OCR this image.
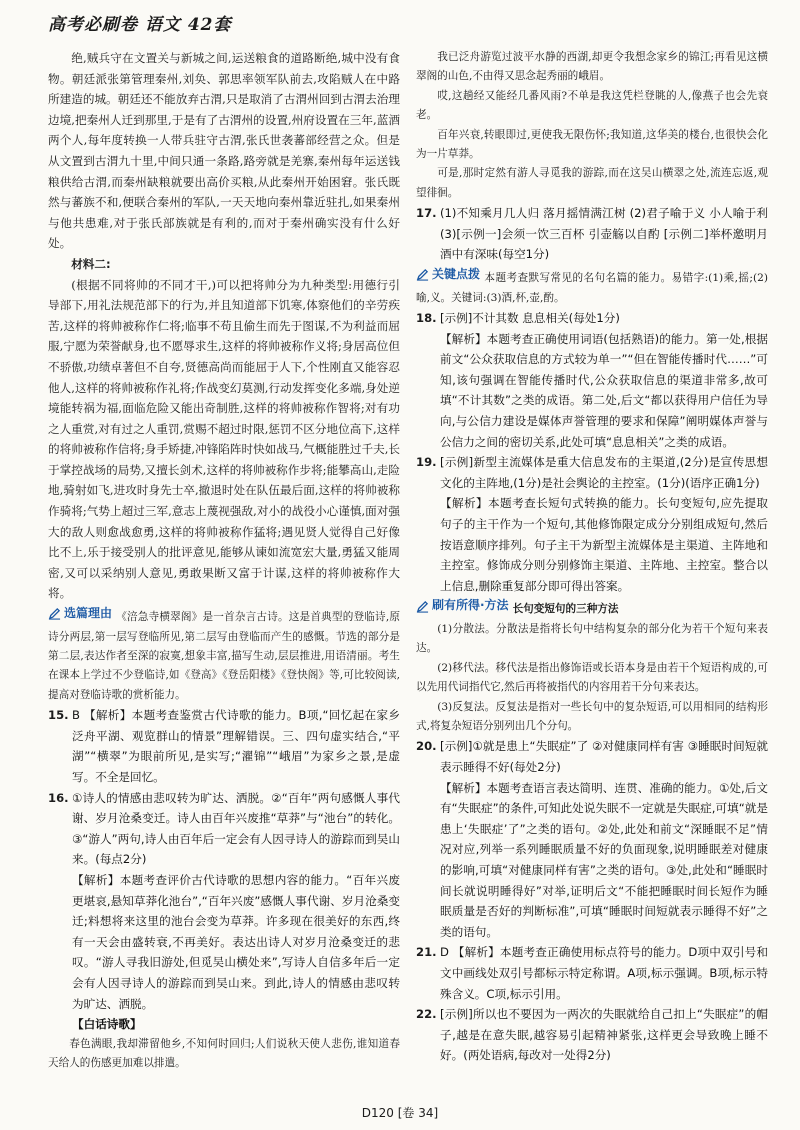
高考必刷卷 语文 42套

绝,贼兵守在文置关与新城之间,运送粮食的道路断绝,城中没有食物。朝廷派张第管理秦州,刘奂、郭思率领军队前去,攻陷贼人在中路所建造的城。朝廷还不能放弃古渭,只是取消了古渭州回到古渭去治理边境,把秦州人迁到那里,于是有了古渭州的设置,州府设置在三年,蓝酒两个人,每年度转换一人带兵驻守古渭,张氏世袭蕃部经营之众。但是从文置到古渭九十里,中间只通一条路,路旁就是羌寨,秦州每年运送钱粮供给古渭,而秦州缺粮就要出高价买粮,从此秦州开始困窘。张氏既然与蕃族不和,便联合秦州的军队,一天天地向秦州靠近驻扎,如果秦州与他共患难,对于张氏部族就是有利的,而对于秦州确实没有什么好处。

材料二:

(根据不同将帅的不同才干,)可以把将帅分为九种类型:用德行引导部下,用礼法规范部下的行为,并且知道部下饥寒,体察他们的辛劳疾苦,这样的将帅被称作仁将;临事不苟且偷生而先于图谋,不为利益而屈服,宁愿为荣誉献身,也不愿辱求生,这样的将帅被称作义将;身居高位但不骄傲,功绩卓著但不自夸,贤德高尚而能屈于人下,个性刚直又能容忍他人,这样的将帅被称作礼将;作战变幻莫测,行动发挥变化多端,身处逆境能转祸为福,面临危险又能出奇制胜,这样的将帅被称作智将;对有功之人重赏,对有过之人重罚,赏赐不超过时限,惩罚不区分地位高下,这样的将帅被称作信将;身手矫捷,冲锋陷阵时快如战马,气概能胜过千夫,长于掌控战场的局势,又擅长剑术,这样的将帅被称作步将;能攀高山,走险地,骑射如飞,进攻时身先士卒,撤退时处在队伍最后面,这样的将帅被称作骑将;气势上超过三军,意志上蔑视强敌,对小的战役小心谨慎,面对强大的敌人则愈战愈勇,这样的将帅被称作猛将;遇见贤人觉得自己好像比不上,乐于接受别人的批评意见,能够从谏如流宽宏大量,勇猛又能周密,又可以采纳别人意见,勇敢果断又富于计谋,这样的将帅被称作大将。

选篇理由 《涪急寺横翠阁》是一首杂言古诗。这是首典型的登临诗,原诗分两层,第一层写登临所见,第二层写由登临而产生的感慨。节选的部分是第二层,表达作者至深的寂寞,想象丰富,描写生动,层层推进,用语清丽。考生在课本上学过不少登临诗,如《登高》《登岳阳楼》《登快阁》等,可比较阅读,提高对登临诗歌的赏析能力。

15. B 【解析】本题考查鉴赏古代诗歌的能力。B项,“回忆起在家乡泛舟平湖、观览群山的情景”理解错误。三、四句虚实结合,“平湖”“横翠”为眼前所见,是实写;“濯锦”“峨眉”为家乡之景,是虚写。不全是回忆。
16. ①诗人的情感由悲叹转为旷达、洒脱。②“百年”两句感慨人事代谢、岁月沧桑变迁。诗人由百年兴废推“草莽”与“池台”的转化。③“游人”两句,诗人由百年后一定会有人因寻诗人的游踪而到吴山来。(每点2分)

【解析】本题考查评价古代诗歌的思想内容的能力。“百年兴废更堪哀,悬知草莽化池台”,“百年兴废”感慨人事代谢、岁月沧桑变迁;料想将来这里的池台会变为草莽。许多现在很美好的东西,终有一天会由盛转衰,不再美好。表达出诗人对岁月沧桑变迁的悲叹。“游人寻我旧游处,但觅吴山横处来”,写诗人自信多年后一定会有人因寻诗人的游踪而到吴山来。到此,诗人的情感由悲叹转为旷达、洒脱。

【白话诗歌】

春色满眼,我却滞留他乡,不知何时回归;人们说秋天使人悲伤,谁知道春天给人的伤感更加难以排遣。

我已泛舟游览过波平水静的西湖,却更令我想念家乡的锦江;再看见这横翠阁的山色,不由得又思念起秀丽的峨眉。

哎,这趟经又能经几番风雨?不单是我这凭栏登眺的人,像燕子也会先衰老。

百年兴衰,转眼即过,更使我无限伤怀;我知道,这华美的楼台,也很快会化为一片草莽。

可是,那时定然有游人寻觅我的游踪,而在这吴山横翠之处,流连忘返,观望徘徊。

17. (1)不知乘月几人归 落月摇情满江树 (2)君子喻于义 小人喻于利 (3)[示例一]会须一饮三百杯 引壶觞以自酌 [示例二]举杯邀明月 酒中有深味(每空1分)

关键点拨 本题考查默写常见的名句名篇的能力。易错字:(1)乘,摇;(2)喻,义。关键词:(3)酒,杯,壶,酌。

18. [示例]不计其数 息息相关(每处1分)

【解析】本题考查正确使用词语(包括熟语)的能力。第一处,根据前文“公众获取信息的方式较为单一”“但在智能传播时代……”可知,该句强调在智能传播时代,公众获取信息的渠道非常多,故可填“不计其数”之类的成语。第二处,后文“都以获得用户信任为导向,与公信力建设是媒体声誉管理的要求和保障”阐明媒体声誉与公信力之间的密切关系,此处可填“息息相关”之类的成语。

19. [示例]新型主流媒体是重大信息发布的主渠道,(2分)是宣传思想文化的主阵地,(1分)是社会舆论的主控室。(1分)(语序正确1分)

【解析】本题考查长短句式转换的能力。长句变短句,应先提取句子的主干作为一个短句,其他修饰限定成分分别组成短句,然后按语意顺序排列。句子主干为新型主流媒体是主渠道、主阵地和主控室。修饰成分则分别修饰主渠道、主阵地、主控室。整合以上信息,删除重复部分即可得出答案。

刷有所得·方法 长句变短句的三种方法

(1)分散法。分散法是指将长句中结构复杂的部分化为若干个短句来表达。

(2)移代法。移代法是指出修饰语或长语本身是由若干个短语构成的,可以先用代词指代它,然后再将被指代的内容用若干分句来表达。

(3)反复法。反复法是指对一些长句中的复杂短语,可以用相同的结构形式,将复杂短语分别列出几个分句。

20. [示例]①就是患上“失眠症”了 ②对健康同样有害 ③睡眠时间短就表示睡得不好(每处2分)

【解析】本题考查语言表达简明、连贯、准确的能力。①处,后文有“失眠症”的条件,可知此处说失眠不一定就是失眠症,可填“就是患上‘失眠症’了”之类的语句。②处,此处和前文“深睡眠不足”情况对应,列举一系列睡眠质量不好的负面现象,说明睡眠差对健康的影响,可填“对健康同样有害”之类的语句。③处,此处和“睡眠时间长就说明睡得好”对举,证明后文“不能把睡眠时间长短作为睡眠质量是否好的判断标准”,可填“睡眠时间短就表示睡得不好”之类的语句。

21. D 【解析】本题考查正确使用标点符号的能力。D项中双引号和文中画线处双引号都标示特定称谓。A项,标示强调。B项,标示特殊含义。C项,标示引用。
22. [示例]所以也不要因为一两次的失眠就给自己扣上“失眠症”的帽子,越是在意失眠,越容易引起精神紧张,这样更会导致晚上睡不好。(两处语病,每改对一处得2分)
D120 [卷 34]
